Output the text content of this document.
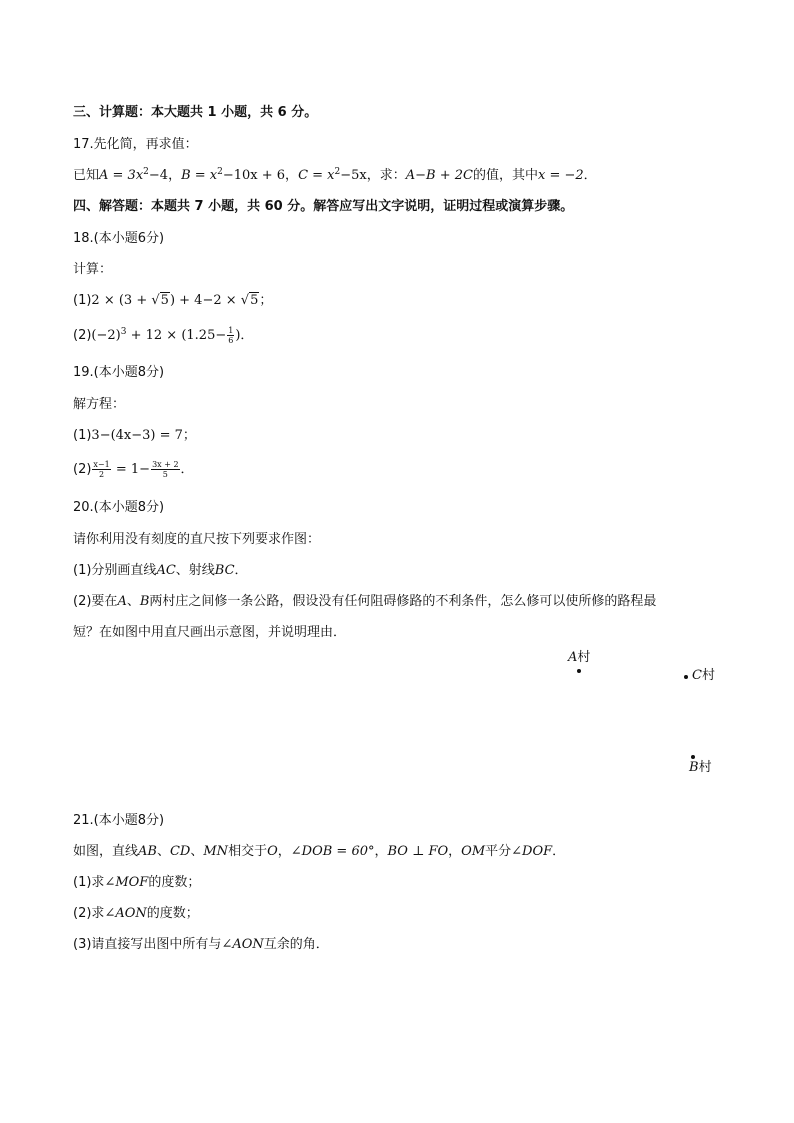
三、计算题：本大题共 1 小题，共 6 分。
17.先化简，再求值：
已知$A = 3x^2-4$，$B = x^2-10x + 6$，$C = x^2-5x$，求：A−B + 2C的值，其中x = −2．
四、解答题：本题共 7 小题，共 60 分。解答应写出文字说明，证明过程或演算步骤。
18.(本小题6分)
计算：
(1)2 × (3 + √5) + 4−2 × √5；
$(2)(-2)^3 + 12 \times (1.25- \frac{1}{6}$ )．
19.(本小题8分)
解方程：
(1)3−(4x−3) = 7；
$(2) \frac{x-1}{2} = 1- \frac{3x + 2}{5}$ ．
20.(本小题8分)
请你利用没有刻度的直尺按下列要求作图：
(1)分别画直线AC、射线BC．
(2)要在A、B两村庄之间修一条公路，假设没有任何阻碍修路的不利条件，怎么修可以使所修的路程最
短？在如图中用直尺画出示意图，并说明理由．
A村
C村
B村
21.(本小题8分)
如图，直线AB、CD、MN相交于O，∠DOB = 60°，BO ⊥ FO，OM平分∠DOF．
(1)求∠MOF的度数；
(2)求∠AON的度数；
(3)请直接写出图中所有与∠AON互余的角．
